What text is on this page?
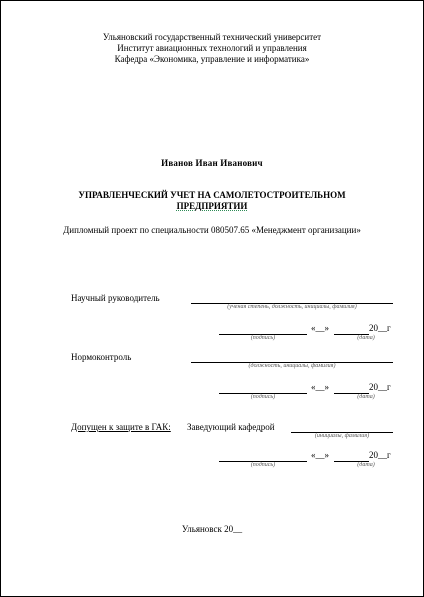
Ульяновский государственный технический университет
Институт авиационных технологий и управления
Кафедра «Экономика, управление и информатика»
Иванов Иван Иванович
УПРАВЛЕНЧЕСКИЙ УЧЕТ НА САМОЛЕТОСТРОИТЕЛЬНОМ
ПРЕДПРИЯТИИ
Дипломный проект по специальности 080507.65 «Менеджмент организации»
Научный руководитель
(ученая степень, должность, инициалы, фамилия)
«__»	20__г
(подпись)	(дата)
Нормоконтроль
(должность, инициалы, фамилия)
«__»	20__г
(подпись)	(дата)
Допущен к защите в ГАК: Заведующий кафедрой
(инициалы, фамилия)
«__»	20__г
(подпись)	(дата)
Ульяновск 20__
